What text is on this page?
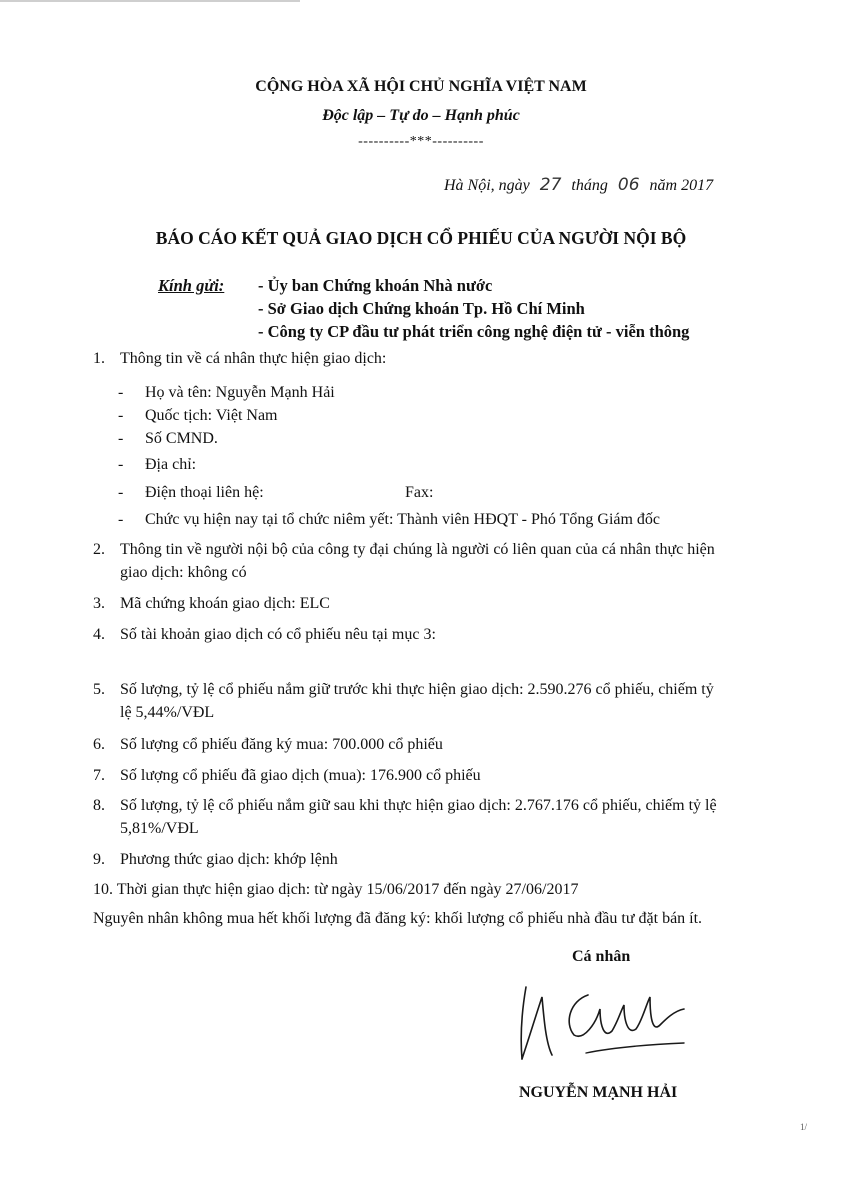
CỘNG HÒA XÃ HỘI CHỦ NGHĨA VIỆT NAM
Độc lập – Tự do – Hạnh phúc
----------***----------
Hà Nội, ngày 27 tháng 06 năm 2017
BÁO CÁO KẾT QUẢ GIAO DỊCH CỔ PHIẾU CỦA NGƯỜI NỘI BỘ
Kính gửi: - Ủy ban Chứng khoán Nhà nước
- Sở Giao dịch Chứng khoán Tp. Hồ Chí Minh
- Công ty CP đầu tư phát triển công nghệ điện tử - viễn thông
1. Thông tin về cá nhân thực hiện giao dịch:
- Họ và tên: Nguyễn Mạnh Hải
- Quốc tịch: Việt Nam
- Số CMND.
- Địa chỉ:
- Điện thoại liên hệ:	Fax:
- Chức vụ hiện nay tại tổ chức niêm yết: Thành viên HĐQT - Phó Tổng Giám đốc
2. Thông tin về người nội bộ của công ty đại chúng là người có liên quan của cá nhân thực hiện
giao dịch: không có
3. Mã chứng khoán giao dịch: ELC
4. Số tài khoản giao dịch có cổ phiếu nêu tại mục 3:
5. Số lượng, tỷ lệ cổ phiếu nắm giữ trước khi thực hiện giao dịch: 2.590.276 cổ phiếu, chiếm tỷ
lệ 5,44%/VĐL
6. Số lượng cổ phiếu đăng ký mua: 700.000 cổ phiếu
7. Số lượng cổ phiếu đã giao dịch (mua): 176.900 cổ phiếu
8. Số lượng, tỷ lệ cổ phiếu nắm giữ sau khi thực hiện giao dịch: 2.767.176 cổ phiếu, chiếm tỷ lệ
5,81%/VĐL
9. Phương thức giao dịch: khớp lệnh
10. Thời gian thực hiện giao dịch: từ ngày 15/06/2017 đến ngày 27/06/2017
Nguyên nhân không mua hết khối lượng đã đăng ký: khối lượng cổ phiếu nhà đầu tư đặt bán ít.
Cá nhân
NGUYỄN MẠNH HẢI
1/
